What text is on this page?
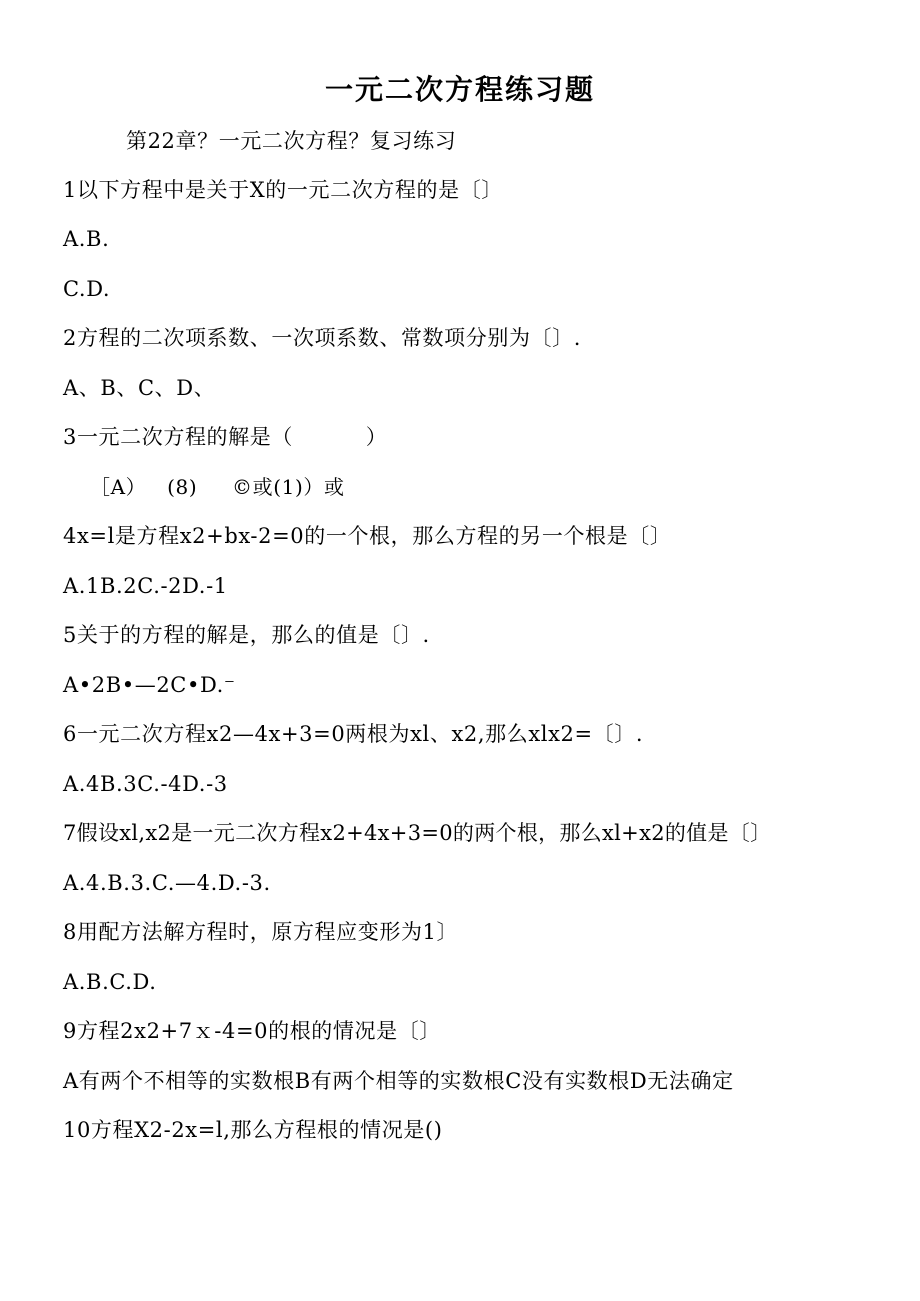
一元二次方程练习题
第22章？一元二次方程？复习练习
1以下方程中是关于X的一元二次方程的是〔〕
A.B.
C.D.
2方程的二次项系数、一次项系数、常数项分别为〔〕.
A、B、C、D、
3一元二次方程的解是（          ）
［A）   (8)     ©或(1)）或
4x=l是方程x2+bx-2=0的一个根，那么方程的另一个根是〔〕
A.1B.2C.-2D.-1
5关于的方程的解是，那么的值是〔〕.
A•2B•—2C•D.⁻
6一元二次方程x2—4x+3=0两根为xl、x2,那么xlx2=〔〕.
A.4B.3C.-4D.-3
7假设xl,x2是一元二次方程x2+4x+3=0的两个根，那么xl+x2的值是〔〕
A.4.B.3.C.—4.D.-3.
8用配方法解方程时，原方程应变形为1〕
A.B.C.D.
9方程2x2+7ｘ-4=0的根的情况是〔〕
A有两个不相等的实数根B有两个相等的实数根C没有实数根D无法确定
10方程X2-2x=l,那么方程根的情况是()
